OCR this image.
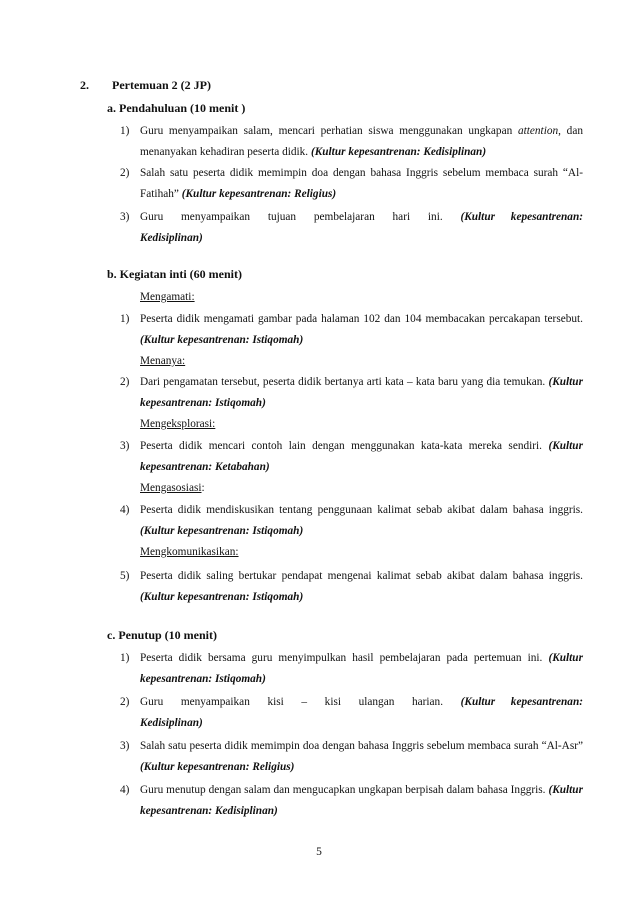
2. Pertemuan 2 (2 JP)
a. Pendahuluan (10 menit )
1) Guru menyampaikan salam, mencari perhatian siswa menggunakan ungkapan attention, dan menanyakan kehadiran peserta didik. (Kultur kepesantrenan: Kedisiplinan)
2) Salah satu peserta didik memimpin doa dengan bahasa Inggris sebelum membaca surah “Al-Fatihah” (Kultur kepesantrenan: Religius)
3) Guru menyampaikan tujuan pembelajaran hari ini. (Kultur kepesantrenan: Kedisiplinan)
b. Kegiatan inti (60 menit)
Mengamati:
1) Peserta didik mengamati gambar pada halaman 102 dan 104 membacakan percakapan tersebut. (Kultur kepesantrenan: Istiqomah)
Menanya:
2) Dari pengamatan tersebut, peserta didik bertanya arti kata – kata baru yang dia temukan. (Kultur kepesantrenan: Istiqomah)
Mengeksplorasi:
3) Peserta didik mencari contoh lain dengan menggunakan kata-kata mereka sendiri. (Kultur kepesantrenan: Ketabahan)
Mengasosiasi:
4) Peserta didik mendiskusikan tentang penggunaan kalimat sebab akibat dalam bahasa inggris. (Kultur kepesantrenan: Istiqomah)
Mengkomunikasikan:
5) Peserta didik saling bertukar pendapat mengenai kalimat sebab akibat dalam bahasa inggris. (Kultur kepesantrenan: Istiqomah)
c. Penutup (10 menit)
1) Peserta didik bersama guru menyimpulkan hasil pembelajaran pada pertemuan ini. (Kultur kepesantrenan: Istiqomah)
2) Guru menyampaikan kisi – kisi ulangan harian. (Kultur kepesantrenan: Kedisiplinan)
3) Salah satu peserta didik memimpin doa dengan bahasa Inggris sebelum membaca surah “Al-Asr” (Kultur kepesantrenan: Religius)
4) Guru menutup dengan salam dan mengucapkan ungkapan berpisah dalam bahasa Inggris. (Kultur kepesantrenan: Kedisiplinan)
5
